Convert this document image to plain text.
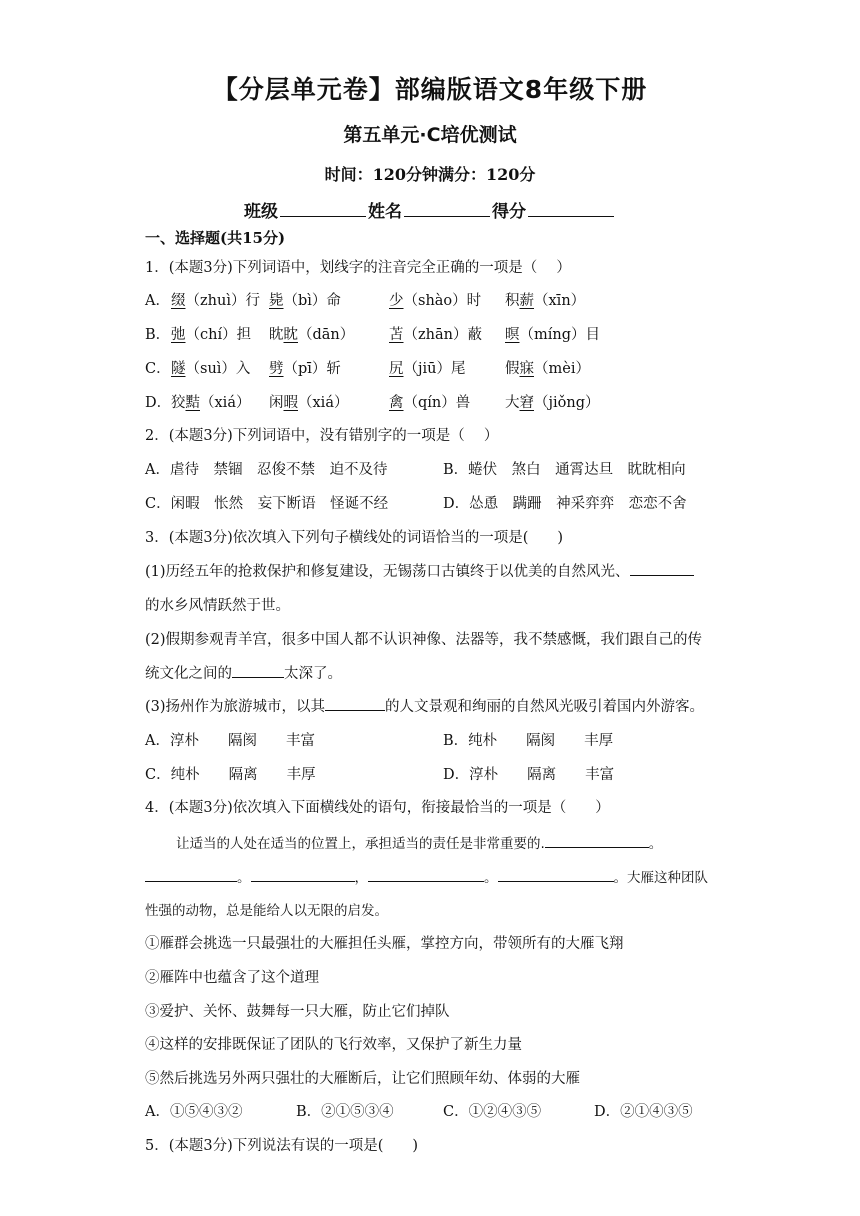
【分层单元卷】部编版语文8年级下册
第五单元·C培优测试
时间：120分钟满分：120分
班级	姓名	得分
一、选择题(共15分)
1．(本题3分)下列词语中，划线字的注音完全正确的一项是（　 ）
A． 缀（zhuì）行 毙（bì）命	少（shào）时 积薪（xīn）
B． 弛（chí）担 眈眈（dān） 苫（zhān）蔽 暝（míng）目
C． 隧（suì）入 劈（pī）斩	尻（jiū）尾	假寐（mèi）
D． 狡黠（xiá） 闲暇（xiá）	禽（qín）兽 大窘（jiǒng）
2．(本题3分)下列词语中，没有错别字的一项是（　 ）
A．虐待　禁锢　忍俊不禁　迫不及待	B．蜷伏　煞白　通霄达旦　眈眈相向
C．闲暇　怅然　妄下断语　怪诞不经	D．怂恿　蹒跚　神采弈弈　恋恋不舍
3．(本题3分)依次填入下列句子横线处的词语恰当的一项是(　　)
(1)历经五年的抢救保护和修复建设，无锡荡口古镇终于以优美的自然风光、
的水乡风情跃然于世。
(2)假期参观青羊宫，很多中国人都不认识神像、法器等，我不禁感慨，我们跟自己的传
统文化之间的	太深了。
(3)扬州作为旅游城市，以其	的人文景观和绚丽的自然风光吸引着国内外游客。
A．淳朴　　隔阂　　丰富	B．纯朴　　隔阂　　丰厚
C．纯朴　　隔离　　丰厚	D．淳朴　　隔离　　丰富
4．(本题3分)依次填入下面横线处的语句，衔接最恰当的一项是（　　）
让适当的人处在适当的位置上，承担适当的责任是非常重要的.	。
。	，	。	。大雁这种团队
性强的动物，总是能给人以无限的启发。
①雁群会挑选一只最强壮的大雁担任头雁，掌控方向，带领所有的大雁飞翔
②雁阵中也蕴含了这个道理
③爱护、关怀、鼓舞每一只大雁，防止它们掉队
④这样的安排既保证了团队的飞行效率，又保护了新生力量
⑤然后挑选另外两只强壮的大雁断后，让它们照顾年幼、体弱的大雁
A．①⑤④③②	B．②①⑤③④	C．①②④③⑤	D．②①④③⑤
5．(本题3分)下列说法有误的一项是(　　)
